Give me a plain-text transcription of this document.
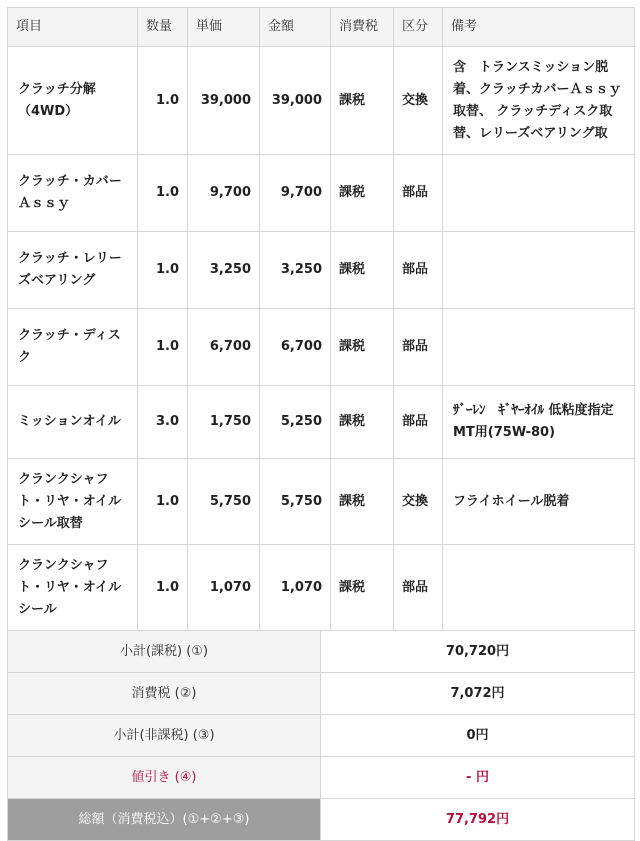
項目	数量	単価	金額	消費税	区分	備考
クラッチ分解（4WD）	1.0	39,000	39,000	課税	交換	含　トランスミッション脱着、クラッチカバーＡｓｓｙ取替、 クラッチディスク取替、レリーズベアリング取
クラッチ・カバーＡｓｓｙ	1.0	9,700	9,700	課税	部品	
クラッチ・レリーズベアリング	1.0	3,250	3,250	課税	部品	
クラッチ・ディスク	1.0	6,700	6,700	課税	部品	
ミッションオイル	3.0	1,750	5,250	課税	部品	ｻﾞｰﾚﾝ　ｷﾞﾔｰｵｲﾙ 低粘度指定MT用(75W-80)
クランクシャフト・リヤ・オイルシール取替	1.0	5,750	5,750	課税	交換	フライホイール脱着
クランクシャフト・リヤ・オイルシール	1.0	1,070	1,070	課税	部品	
小計(課税) (①)	70,720円
消費税 (②)	7,072円
小計(非課税) (③)	0円
値引き (④)	- 円
総額（消費税込）(①+②+③)	77,792円
